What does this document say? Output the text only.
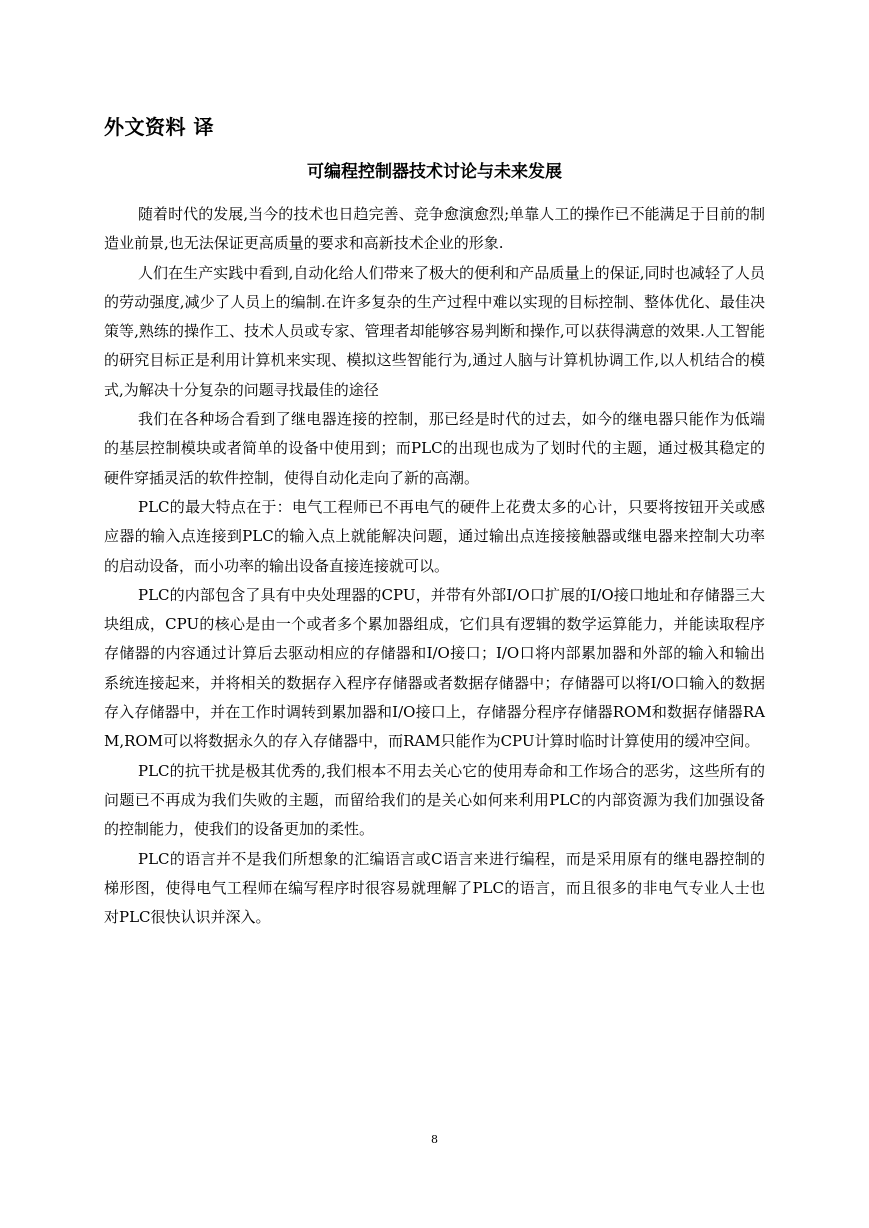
外文资料 译
可编程控制器技术讨论与未来发展

随着时代的发展,当今的技术也日趋完善、竞争愈演愈烈;单靠人工的操作已不能满足于目前的制造业前景,也无法保证更高质量的要求和高新技术企业的形象.

人们在生产实践中看到,自动化给人们带来了极大的便利和产品质量上的保证,同时也减轻了人员的劳动强度,减少了人员上的编制.在许多复杂的生产过程中难以实现的目标控制、整体优化、最佳决策等,熟练的操作工、技术人员或专家、管理者却能够容易判断和操作,可以获得满意的效果.人工智能的研究目标正是利用计算机来实现、模拟这些智能行为,通过人脑与计算机协调工作,以人机结合的模式,为解决十分复杂的问题寻找最佳的途径

我们在各种场合看到了继电器连接的控制，那已经是时代的过去，如今的继电器只能作为低端的基层控制模块或者简单的设备中使用到；而PLC的出现也成为了划时代的主题，通过极其稳定的硬件穿插灵活的软件控制，使得自动化走向了新的高潮。

PLC的最大特点在于：电气工程师已不再电气的硬件上花费太多的心计，只要将按钮开关或感应器的输入点连接到PLC的输入点上就能解决问题，通过输出点连接接触器或继电器来控制大功率的启动设备，而小功率的输出设备直接连接就可以。

PLC的内部包含了具有中央处理器的CPU，并带有外部I/O口扩展的I/O接口地址和存储器三大块组成，CPU的核心是由一个或者多个累加器组成，它们具有逻辑的数学运算能力，并能读取程序存储器的内容通过计算后去驱动相应的存储器和I/O接口；I/O口将内部累加器和外部的输入和输出系统连接起来，并将相关的数据存入程序存储器或者数据存储器中；存储器可以将I/O口输入的数据存入存储器中，并在工作时调转到累加器和I/O接口上，存储器分程序存储器ROM和数据存储器RAM,ROM可以将数据永久的存入存储器中，而RAM只能作为CPU计算时临时计算使用的缓冲空间。

PLC的抗干扰是极其优秀的,我们根本不用去关心它的使用寿命和工作场合的恶劣，这些所有的问题已不再成为我们失败的主题，而留给我们的是关心如何来利用PLC的内部资源为我们加强设备的控制能力，使我们的设备更加的柔性。

PLC的语言并不是我们所想象的汇编语言或C语言来进行编程，而是采用原有的继电器控制的梯形图，使得电气工程师在编写程序时很容易就理解了PLC的语言，而且很多的非电气专业人士也对PLC很快认识并深入。

8
